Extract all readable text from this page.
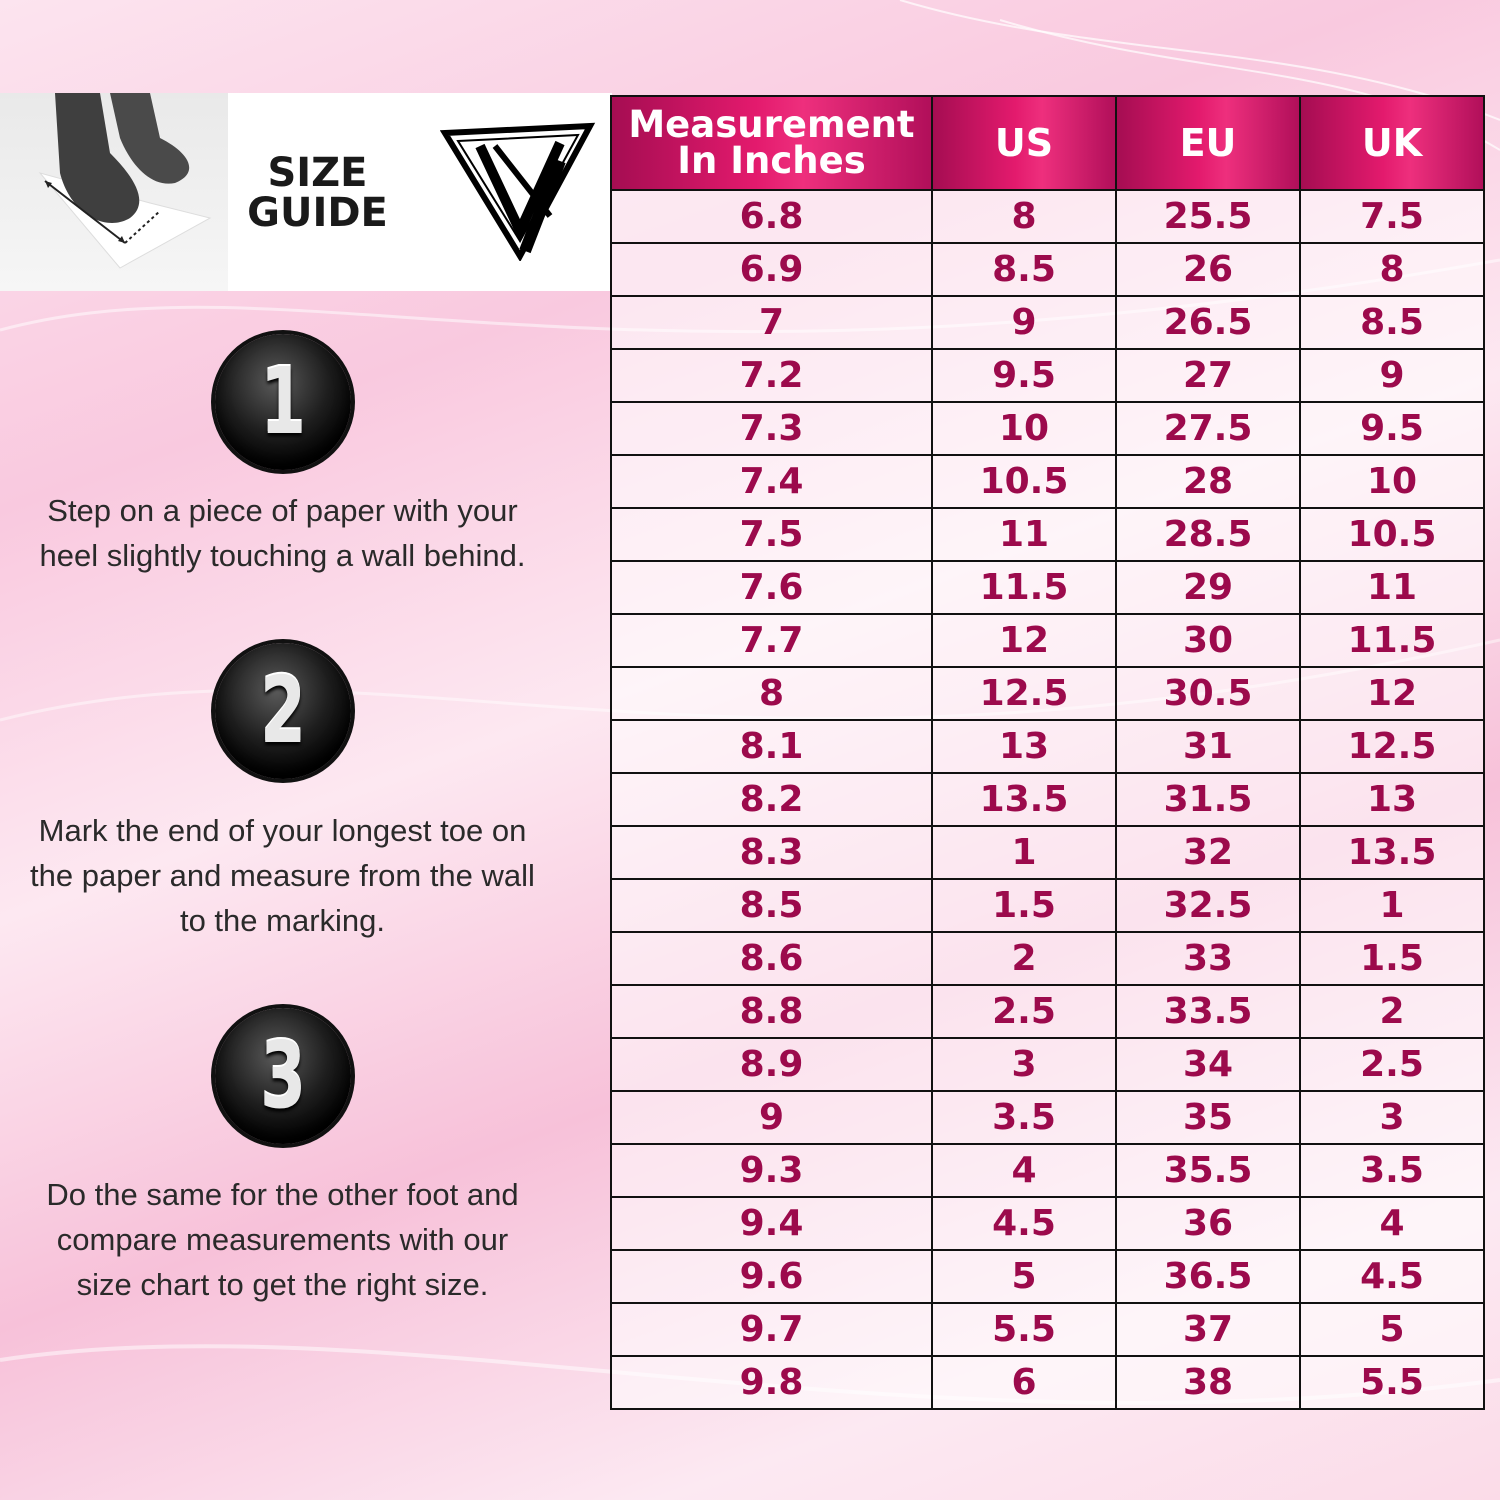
SIZE
GUIDE
1
Step on a piece of paper with your heel slightly touching a wall behind.
2
Mark the end of your longest toe on the paper and measure from the wall to the marking.
3
Do the same for the other foot and compare measurements with our size chart to get the right size.
Measurement In Inches	US	EU	UK
6.8	8	25.5	7.5
6.9	8.5	26	8
7	9	26.5	8.5
7.2	9.5	27	9
7.3	10	27.5	9.5
7.4	10.5	28	10
7.5	11	28.5	10.5
7.6	11.5	29	11
7.7	12	30	11.5
8	12.5	30.5	12
8.1	13	31	12.5
8.2	13.5	31.5	13
8.3	1	32	13.5
8.5	1.5	32.5	1
8.6	2	33	1.5
8.8	2.5	33.5	2
8.9	3	34	2.5
9	3.5	35	3
9.3	4	35.5	3.5
9.4	4.5	36	4
9.6	5	36.5	4.5
9.7	5.5	37	5
9.8	6	38	5.5
